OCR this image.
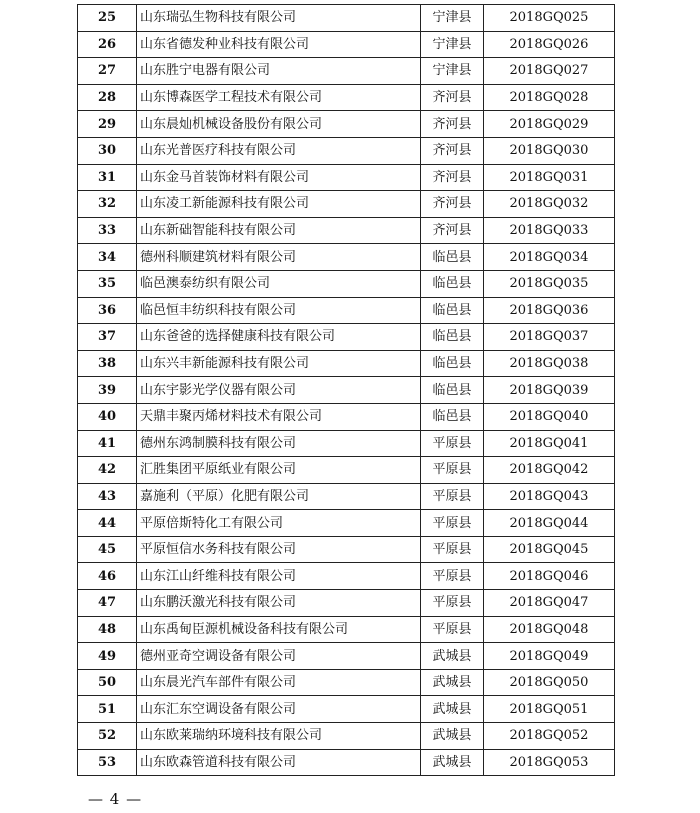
25	山东瑞弘生物科技有限公司	宁津县	2018GQ025
26	山东省德发种业科技有限公司	宁津县	2018GQ026
27	山东胜宁电器有限公司	宁津县	2018GQ027
28	山东博森医学工程技术有限公司	齐河县	2018GQ028
29	山东晨灿机械设备股份有限公司	齐河县	2018GQ029
30	山东光普医疗科技有限公司	齐河县	2018GQ030
31	山东金马首装饰材料有限公司	齐河县	2018GQ031
32	山东凌工新能源科技有限公司	齐河县	2018GQ032
33	山东新础智能科技有限公司	齐河县	2018GQ033
34	德州科顺建筑材料有限公司	临邑县	2018GQ034
35	临邑澳泰纺织有限公司	临邑县	2018GQ035
36	临邑恒丰纺织科技有限公司	临邑县	2018GQ036
37	山东爸爸的选择健康科技有限公司	临邑县	2018GQ037
38	山东兴丰新能源科技有限公司	临邑县	2018GQ038
39	山东宇影光学仪器有限公司	临邑县	2018GQ039
40	天鼎丰聚丙烯材料技术有限公司	临邑县	2018GQ040
41	德州东鸿制膜科技有限公司	平原县	2018GQ041
42	汇胜集团平原纸业有限公司	平原县	2018GQ042
43	嘉施利（平原）化肥有限公司	平原县	2018GQ043
44	平原倍斯特化工有限公司	平原县	2018GQ044
45	平原恒信水务科技有限公司	平原县	2018GQ045
46	山东江山纤维科技有限公司	平原县	2018GQ046
47	山东鹏沃激光科技有限公司	平原县	2018GQ047
48	山东禹甸臣源机械设备科技有限公司	平原县	2018GQ048
49	德州亚奇空调设备有限公司	武城县	2018GQ049
50	山东晨光汽车部件有限公司	武城县	2018GQ050
51	山东汇东空调设备有限公司	武城县	2018GQ051
52	山东欧莱瑞纳环境科技有限公司	武城县	2018GQ052
53	山东欧森管道科技有限公司	武城县	2018GQ053
— 4 —
